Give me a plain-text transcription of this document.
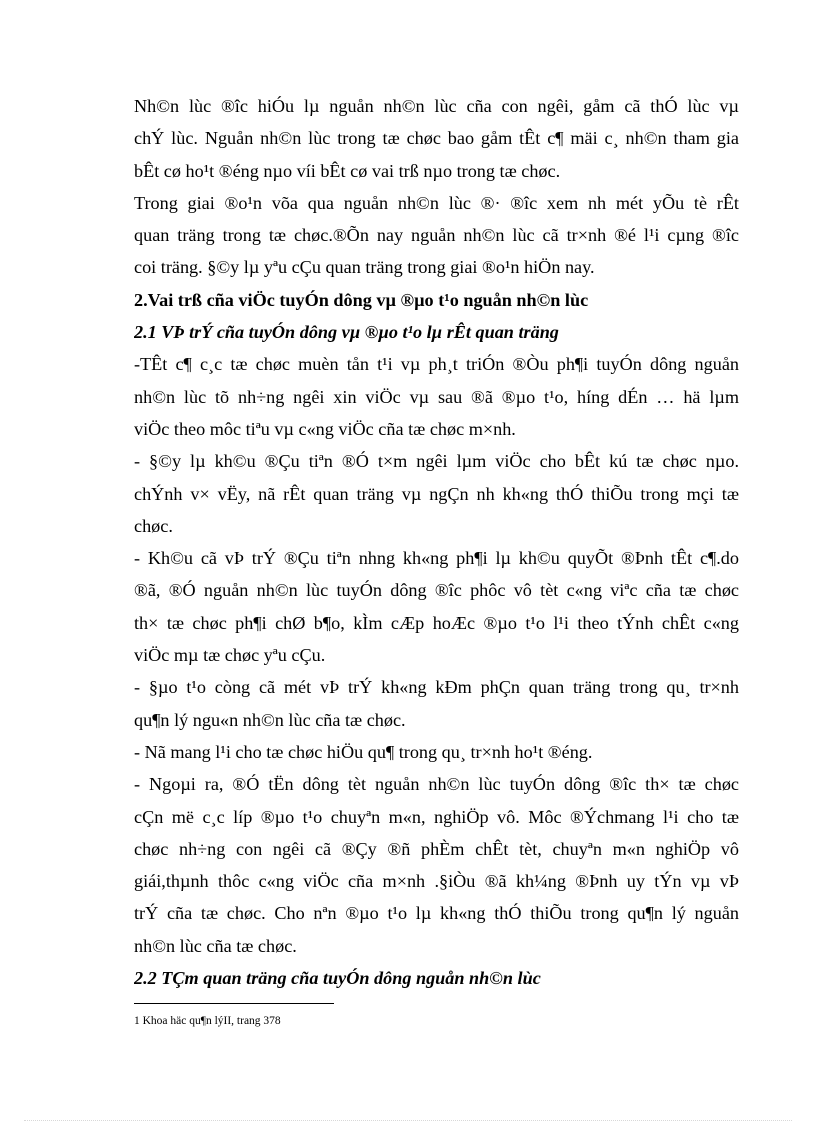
Nh©n lùc ®îc hiÓu lµ nguån nh©n lùc cña con ngêi, gåm cã thÓ lùc vµ
chÝ lùc. Nguån nh©n lùc trong tæ chøc bao gåm tÊt c¶ mäi c¸ nh©n tham gia
bÊt cø ho¹t ®éng nµo víi bÊt cø vai trß nµo trong tæ chøc.
Trong giai ®o¹n võa qua nguån nh©n lùc ®· ®îc xem nh mét yÕu tè rÊt
quan träng trong tæ chøc.®Õn nay nguån nh©n lùc cã tr×nh ®é l¹i cµng ®îc
coi träng. §©y lµ yªu cÇu quan träng trong giai ®o¹n hiÖn nay.
2.Vai trß cña viÖc tuyÓn dông vµ ®µo t¹o nguån nh©n lùc
2.1 VÞ trÝ cña tuyÓn dông vµ ®µo t¹o lµ rÊt quan träng
-TÊt c¶ c¸c tæ chøc muèn tån t¹i vµ ph¸t triÓn ®Òu ph¶i tuyÓn dông nguån
nh©n lùc tõ nh÷ng ngêi xin viÖc vµ sau ®ã ®µo t¹o, híng dÉn … hä lµm
viÖc theo môc tiªu vµ c«ng viÖc cña tæ chøc m×nh.
- §©y lµ kh©u ®Çu tiªn ®Ó t×m ngêi lµm viÖc cho bÊt kú tæ chøc nµo.
chÝnh v× vËy, nã rÊt quan träng vµ ngÇn nh kh«ng thÓ thiÕu trong mçi tæ
chøc.
- Kh©u cã vÞ trÝ ®Çu tiªn nhng kh«ng ph¶i lµ kh©u quyÕt ®Þnh tÊt c¶.do
®ã, ®Ó nguån nh©n lùc tuyÓn dông ®îc phôc vô tèt c«ng viªc cña tæ chøc
th× tæ chøc ph¶i chØ b¶o, kÌm cÆp hoÆc ®µo t¹o l¹i theo tÝnh chÊt c«ng
viÖc mµ tæ chøc yªu cÇu.
- §µo t¹o còng cã mét vÞ trÝ kh«ng kÐm phÇn quan träng trong qu¸ tr×nh
qu¶n lý ngu«n nh©n lùc cña tæ chøc.
- Nã mang l¹i cho tæ chøc hiÖu qu¶ trong qu¸ tr×nh ho¹t ®éng.
- Ngoµi ra, ®Ó tËn dông tèt nguån nh©n lùc tuyÓn dông ®îc th× tæ chøc
cÇn më c¸c líp ®µo t¹o chuyªn m«n, nghiÖp vô. Môc ®Ýchmang l¹i cho tæ
chøc nh÷ng con ngêi cã ®Çy ®ñ phÈm chÊt tèt, chuyªn m«n nghiÖp vô
giái,thµnh thôc c«ng viÖc cña m×nh .§iÒu ®ã kh¼ng ®Þnh uy tÝn vµ vÞ
trÝ cña tæ chøc. Cho nªn ®µo t¹o lµ kh«ng thÓ thiÕu trong qu¶n lý nguån
nh©n lùc cña tæ chøc.
2.2 TÇm quan träng cña tuyÓn dông nguån nh©n lùc
1 Khoa häc qu¶n lýII, trang 378
